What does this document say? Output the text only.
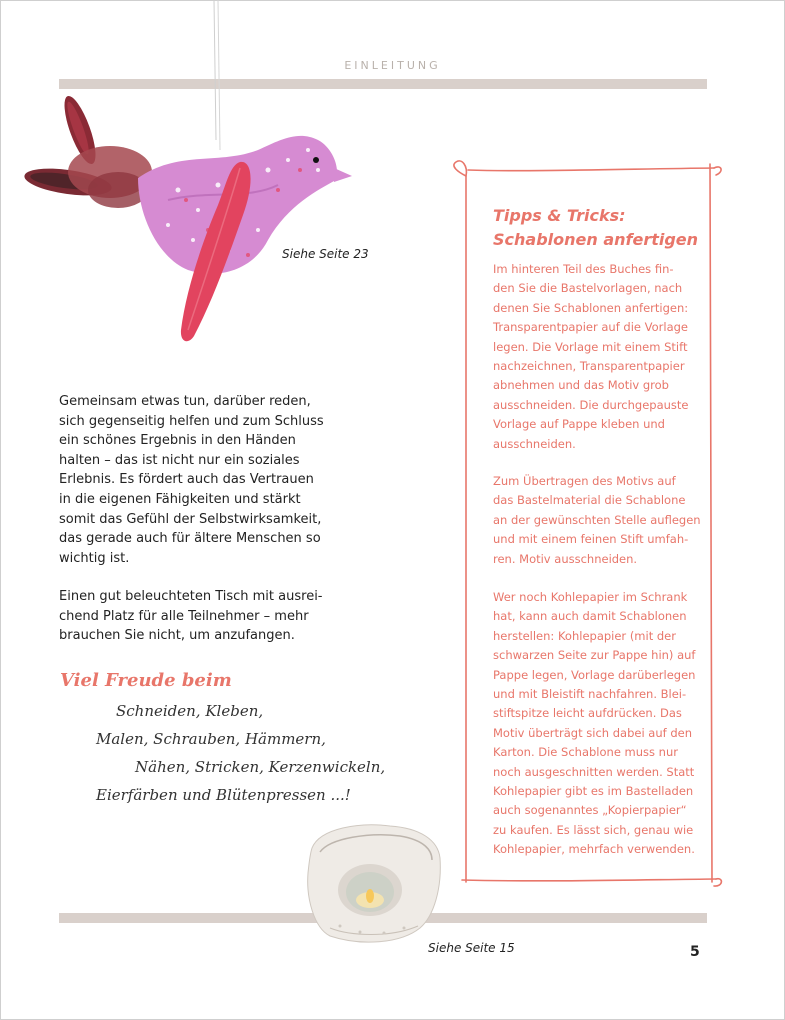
EINLEITUNG
Siehe Seite 23
Gemeinsam etwas tun, darüber reden,
sich gegenseitig helfen und zum Schluss
ein schönes Ergebnis in den Händen
halten – das ist nicht nur ein soziales
Erlebnis. Es fördert auch das Vertrauen
in die eigenen Fähigkeiten und stärkt
somit das Gefühl der Selbstwirksamkeit,
das gerade auch für ältere Menschen so
wichtig ist.
Einen gut beleuchteten Tisch mit ausrei-
chend Platz für alle Teilnehmer – mehr
brauchen Sie nicht, um anzufangen.
Viel Freude beim
Schneiden, Kleben,
Malen, Schrauben, Hämmern,
Nähen, Stricken, Kerzenwickeln,
Eierfärben und Blütenpressen ...!
Tipps & Tricks:
Schablonen anfertigen
Im hinteren Teil des Buches fin-
den Sie die Bastelvorlagen, nach
denen Sie Schablonen anfertigen:
Transparentpapier auf die Vorlage
legen. Die Vorlage mit einem Stift
nachzeichnen, Transparentpapier
abnehmen und das Motiv grob
ausschneiden. Die durchgepauste
Vorlage auf Pappe kleben und
ausschneiden.
Zum Übertragen des Motivs auf
das Bastelmaterial die Schablone
an der gewünschten Stelle auflegen
und mit einem feinen Stift umfah-
ren. Motiv ausschneiden.
Wer noch Kohlepapier im Schrank
hat, kann auch damit Schablonen
herstellen: Kohlepapier (mit der
schwarzen Seite zur Pappe hin) auf
Pappe legen, Vorlage darüberlegen
und mit Bleistift nachfahren. Blei-
stiftspitze leicht aufdrücken. Das
Motiv überträgt sich dabei auf den
Karton. Die Schablone muss nur
noch ausgeschnitten werden. Statt
Kohlepapier gibt es im Bastelladen
auch sogenanntes „Kopierpapier“
zu kaufen. Es lässt sich, genau wie
Kohlepapier, mehrfach verwenden.
Siehe Seite 15	5
